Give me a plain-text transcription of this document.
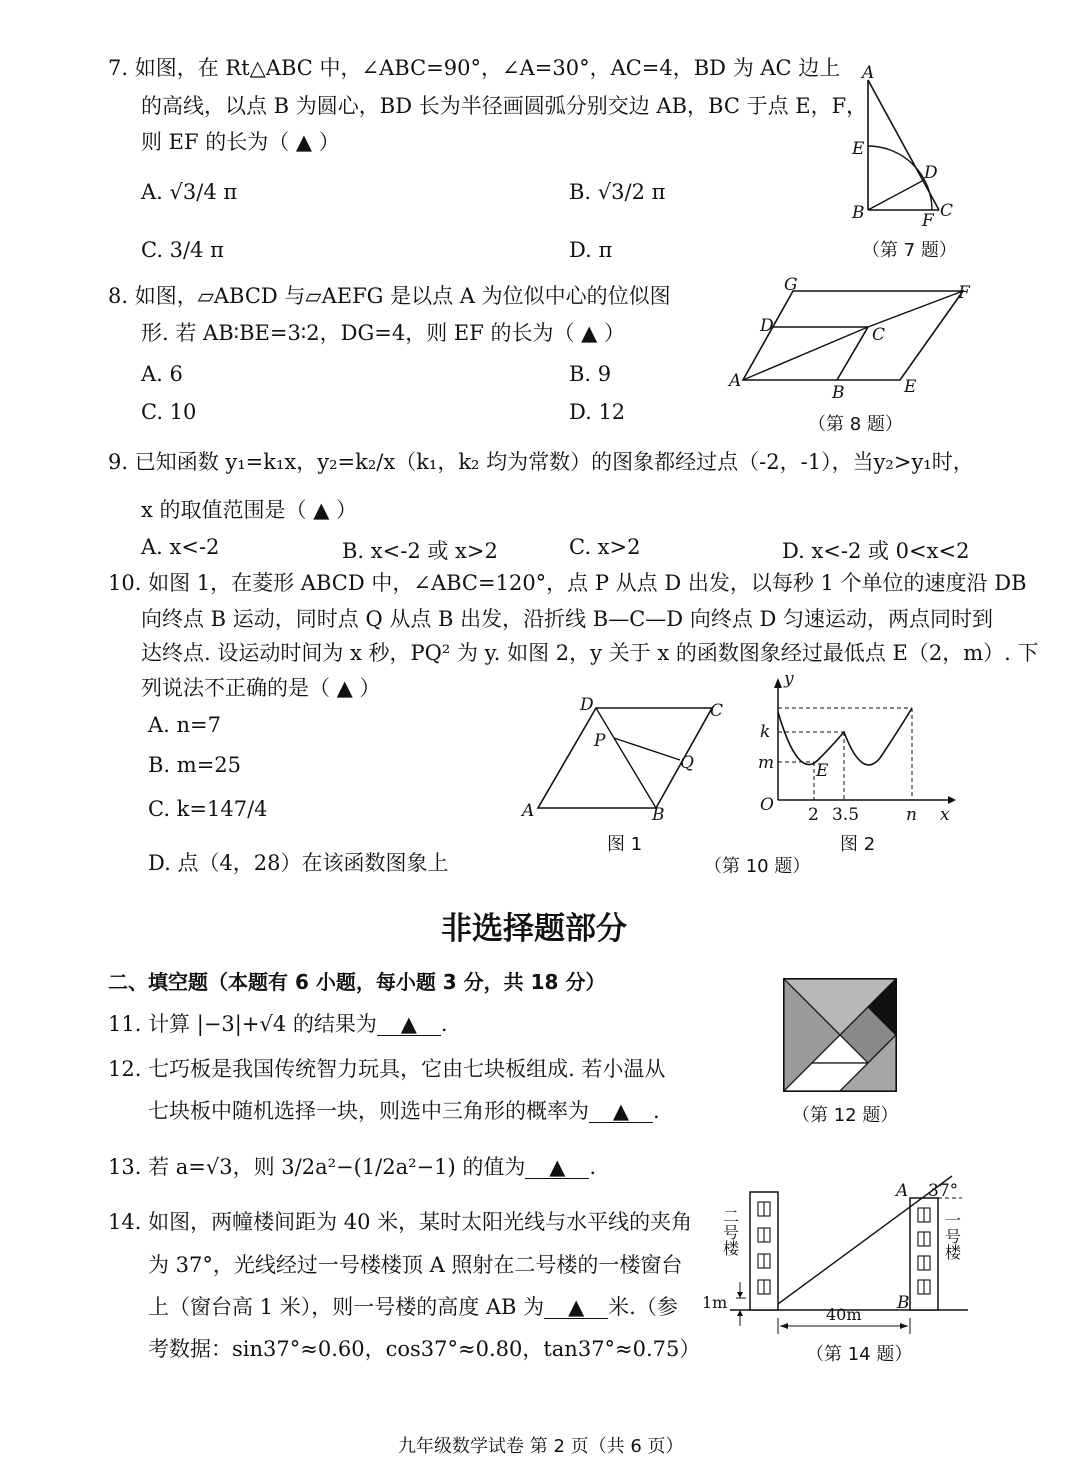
7. 如图，在 Rt△ABC 中，∠ABC=90°，∠A=30°，AC=4，BD 为 AC 边上
的高线，以点 B 为圆心，BD 长为半径画圆弧分别交边 AB，BC 于点 E，F，
则 EF 的长为（ ▲ ）
A. √3/4 π	B. √3/2 π
C. 3/4 π	D. π
A
E
D
B	F C
（第 7 题）
8. 如图，▱ABCD 与▱AEFG 是以点 A 为位似中心的位似图
形. 若 AB∶BE=3∶2，DG=4，则 EF 的长为（ ▲ ）
A. 6	B. 9
C. 10	D. 12
G	F
D	C
A
B	E
（第 8 题）
9. 已知函数 y₁=k₁x，y₂=k₂/x（k₁，k₂ 均为常数）的图象都经过点（-2，-1），当y₂>y₁时，
x 的取值范围是（ ▲ ）
A. x<-2	B. x<-2 或 x>2	C. x>2	D. x<-2 或 0<x<2
10. 如图 1，在菱形 ABCD 中，∠ABC=120°，点 P 从点 D 出发，以每秒 1 个单位的速度沿 DB
向终点 B 运动，同时点 Q 从点 B 出发，沿折线 B—C—D 向终点 D 匀速运动，两点同时到
达终点. 设运动时间为 x 秒，PQ² 为 y. 如图 2，y 关于 x 的函数图象经过最低点 E（2，m）. 下
列说法不正确的是（ ▲ ）
A. n=7
B. m=25
C. k=147/4
D. 点（4，28）在该函数图象上
D	C
P
Q
A	B
图 1
y
k
m E
O 2 3.5	n x
图 2
（第 10 题）
非选择题部分
二、填空题（本题有 6 小题，每小题 3 分，共 18 分）
11. 计算 |−3|+√4 的结果为 ▲ .
12. 七巧板是我国传统智力玩具，它由七块板组成. 若小温从
七块板中随机选择一块，则选中三角形的概率为 ▲ .	（第 12 题）
13. 若 a=√3，则 3/2a²−(1/2a²−1) 的值为 ▲ .
14. 如图，两幢楼间距为 40 米，某时太阳光线与水平线的夹角
为 37°，光线经过一号楼楼顶 A 照射在二号楼的一楼窗台
上（窗台高 1 米），则一号楼的高度 AB 为 ▲ 米.（参
考数据：sin37°≈0.60，cos37°≈0.80，tan37°≈0.75）
A
B
37°
1m
40m
二号楼	一号楼
（第 14 题）
九年级数学试卷 第 2 页（共 6 页）
